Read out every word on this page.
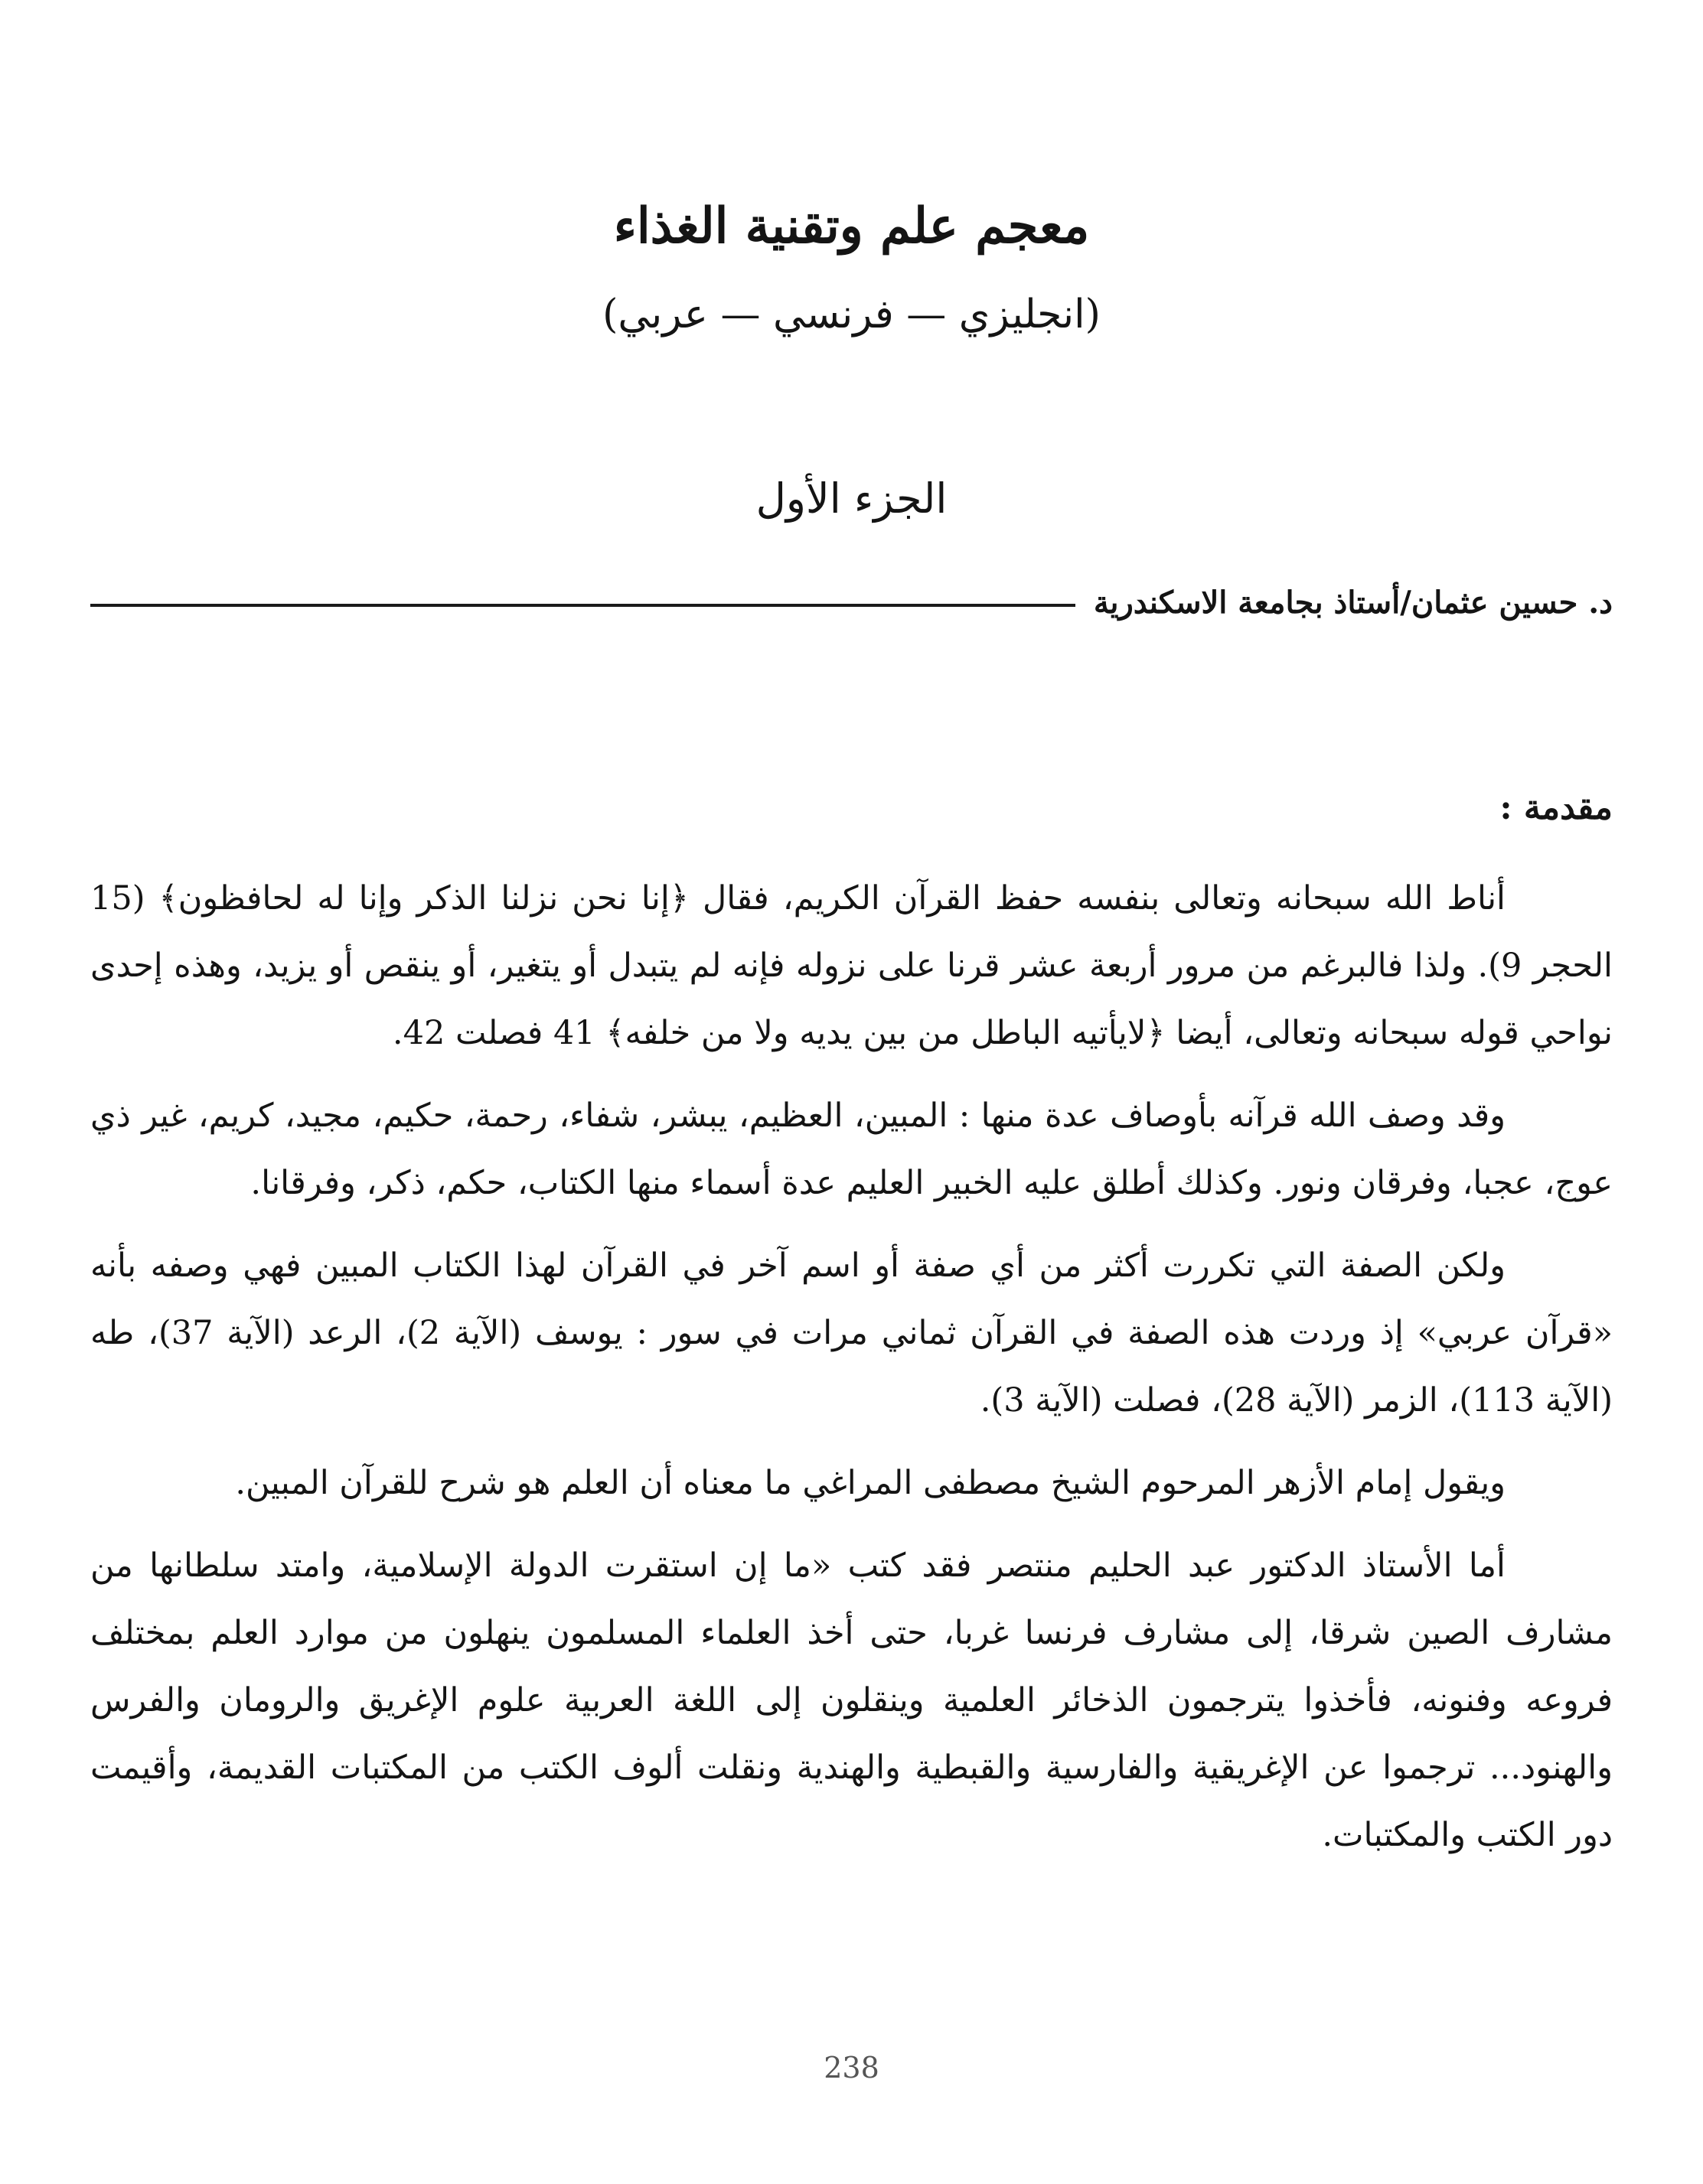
معجم علم وتقنية الغذاء
(انجليزي — فرنسي — عربي)
الجزء الأول
د. حسين عثمان/أستاذ بجامعة الاسكندرية
مقدمة :

أناط الله سبحانه وتعالى بنفسه حفظ القرآن الكريم، فقال ﴿إنا نحن نزلنا الذكر وإنا له لحافظون﴾ (15 الحجر 9). ولذا فالبرغم من مرور أربعة عشر قرنا على نزوله فإنه لم يتبدل أو يتغير، أو ينقص أو يزيد، وهذه إحدى نواحي قوله سبحانه وتعالى، أيضا ﴿لايأتيه الباطل من بين يديه ولا من خلفه﴾ 41 فصلت 42.

وقد وصف الله قرآنه بأوصاف عدة منها : المبين، العظيم، يبشر، شفاء، رحمة، حكيم، مجيد، كريم، غير ذي عوج، عجبا، وفرقان ونور. وكذلك أطلق عليه الخبير العليم عدة أسماء منها الكتاب، حكم، ذكر، وفرقانا.

ولكن الصفة التي تكررت أكثر من أي صفة أو اسم آخر في القرآن لهذا الكتاب المبين فهي وصفه بأنه «قرآن عربي» إذ وردت هذه الصفة في القرآن ثماني مرات في سور : يوسف (الآية 2)، الرعد (الآية 37)، طه (الآية 113)، الزمر (الآية 28)، فصلت (الآية 3).

ويقول إمام الأزهر المرحوم الشيخ مصطفى المراغي ما معناه أن العلم هو شرح للقرآن المبين.

أما الأستاذ الدكتور عبد الحليم منتصر فقد كتب «ما إن استقرت الدولة الإسلامية، وامتد سلطانها من مشارف الصين شرقا، إلى مشارف فرنسا غربا، حتى أخذ العلماء المسلمون ينهلون من موارد العلم بمختلف فروعه وفنونه، فأخذوا يترجمون الذخائر العلمية وينقلون إلى اللغة العربية علوم الإغريق والرومان والفرس والهنود... ترجموا عن الإغريقية والفارسية والقبطية والهندية ونقلت ألوف الكتب من المكتبات القديمة، وأقيمت دور الكتب والمكتبات.

238
